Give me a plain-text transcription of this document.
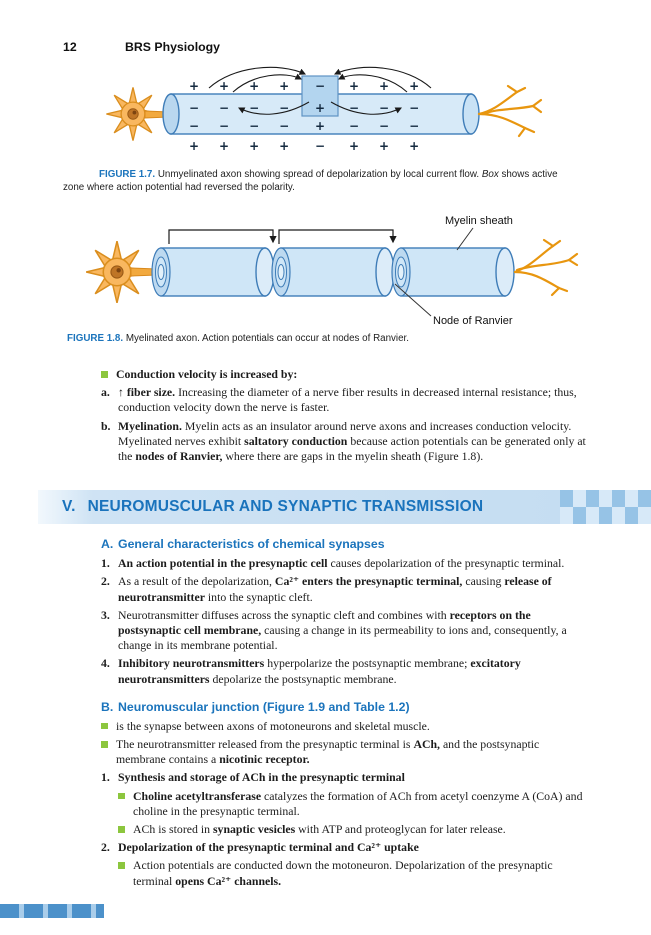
12	BRS Physiology
++++ − +++
−−−− + −−−
−−−− + −−−
++++ − +++

FIGURE 1.7. Unmyelinated axon showing spread of depolarization by local current flow. Box shows active zone where action potential had reversed the polarity.

Myelin sheath
Node of Ranvier

FIGURE 1.8. Myelinated axon. Action potentials can occur at nodes of Ranvier.

Conduction velocity is increased by:
a. ↑ fiber size. Increasing the diameter of a nerve fiber results in decreased internal resistance; thus, conduction velocity down the nerve is faster.
b. Myelination. Myelin acts as an insulator around nerve axons and increases conduction velocity. Myelinated nerves exhibit saltatory conduction because action potentials can be generated only at the nodes of Ranvier, where there are gaps in the myelin sheath (Figure 1.8).
V. NEUROMUSCULAR AND SYNAPTIC TRANSMISSION
A. General characteristics of chemical synapses
1. An action potential in the presynaptic cell causes depolarization of the presynaptic terminal.
2. As a result of the depolarization, Ca²⁺ enters the presynaptic terminal, causing release of neurotransmitter into the synaptic cleft.
3. Neurotransmitter diffuses across the synaptic cleft and combines with receptors on the postsynaptic cell membrane, causing a change in its permeability to ions and, consequently, a change in its membrane potential.
4. Inhibitory neurotransmitters hyperpolarize the postsynaptic membrane; excitatory neurotransmitters depolarize the postsynaptic membrane.
B. Neuromuscular junction (Figure 1.9 and Table 1.2)
is the synapse between axons of motoneurons and skeletal muscle.
The neurotransmitter released from the presynaptic terminal is ACh, and the postsynaptic membrane contains a nicotinic receptor.
1. Synthesis and storage of ACh in the presynaptic terminal
Choline acetyltransferase catalyzes the formation of ACh from acetyl coenzyme A (CoA) and choline in the presynaptic terminal.
ACh is stored in synaptic vesicles with ATP and proteoglycan for later release.
2. Depolarization of the presynaptic terminal and Ca²⁺ uptake
Action potentials are conducted down the motoneuron. Depolarization of the presynaptic terminal opens Ca²⁺ channels.
